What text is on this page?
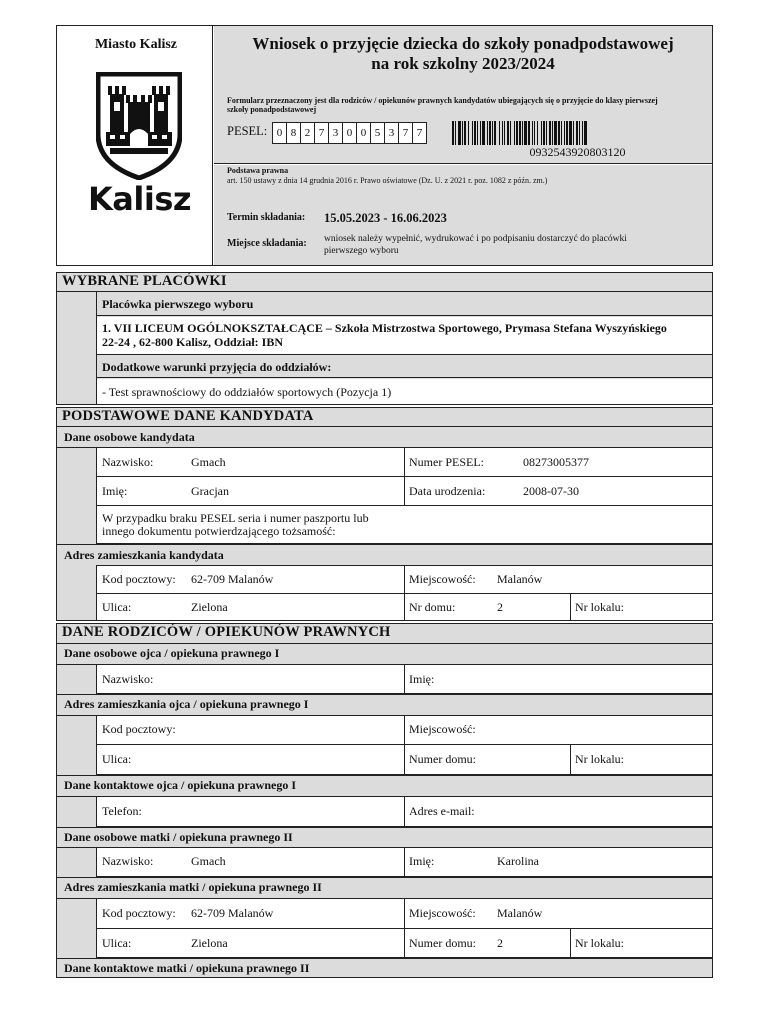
Miasto Kalisz
Kalisz
Wniosek o przyjęcie dziecka do szkoły ponadpodstawowej
na rok szkolny 2023/2024
Formularz przeznaczony jest dla rodziców / opiekunów prawnych kandydatów ubiegających się o przyjęcie do klasy pierwszej
szkoły ponadpodstawowej
PESEL: 0 8 2 7 3 0 0 5 3 7 7
0932543920803120
Podstawa prawna
art. 150 ustawy z dnia 14 grudnia 2016 r. Prawo oświatowe (Dz. U. z 2021 r. poz. 1082 z późn. zm.)
Termin składania: 15.05.2023 - 16.06.2023
Miejsce składania: wniosek należy wypełnić, wydrukować i po podpisaniu dostarczyć do placówki
pierwszego wyboru
WYBRANE PLACÓWKI
Placówka pierwszego wyboru
1. VII LICEUM OGÓLNOKSZTAŁCĄCE – Szkoła Mistrzostwa Sportowego, Prymasa Stefana Wyszyńskiego
22-24 , 62-800 Kalisz, Oddział: IBN
Dodatkowe warunki przyjęcia do oddziałów:
- Test sprawnościowy do oddziałów sportowych (Pozycja 1)
PODSTAWOWE DANE KANDYDATA
Dane osobowe kandydata
Nazwisko:	Gmach	Numer PESEL:	08273005377
Imię:	Gracjan	Data urodzenia:	2008-07-30
W przypadku braku PESEL seria i numer paszportu lub
innego dokumentu potwierdzającego tożsamość:
Adres zamieszkania kandydata
Kod pocztowy: 62-709 Malanów	Miejscowość: Malanów
Ulica:	Zielona	Nr domu:	2	Nr lokalu:
DANE RODZICÓW / OPIEKUNÓW PRAWNYCH
Dane osobowe ojca / opiekuna prawnego I
Nazwisko:	Imię:
Adres zamieszkania ojca / opiekuna prawnego I
Kod pocztowy:	Miejscowość:
Ulica:	Numer domu:	Nr lokalu:
Dane kontaktowe ojca / opiekuna prawnego I
Telefon:	Adres e-mail:
Dane osobowe matki / opiekuna prawnego II
Nazwisko:	Gmach	Imię:	Karolina
Adres zamieszkania matki / opiekuna prawnego II
Kod pocztowy: 62-709 Malanów	Miejscowość: Malanów
Ulica:	Zielona	Numer domu: 2	Nr lokalu:
Dane kontaktowe matki / opiekuna prawnego II
